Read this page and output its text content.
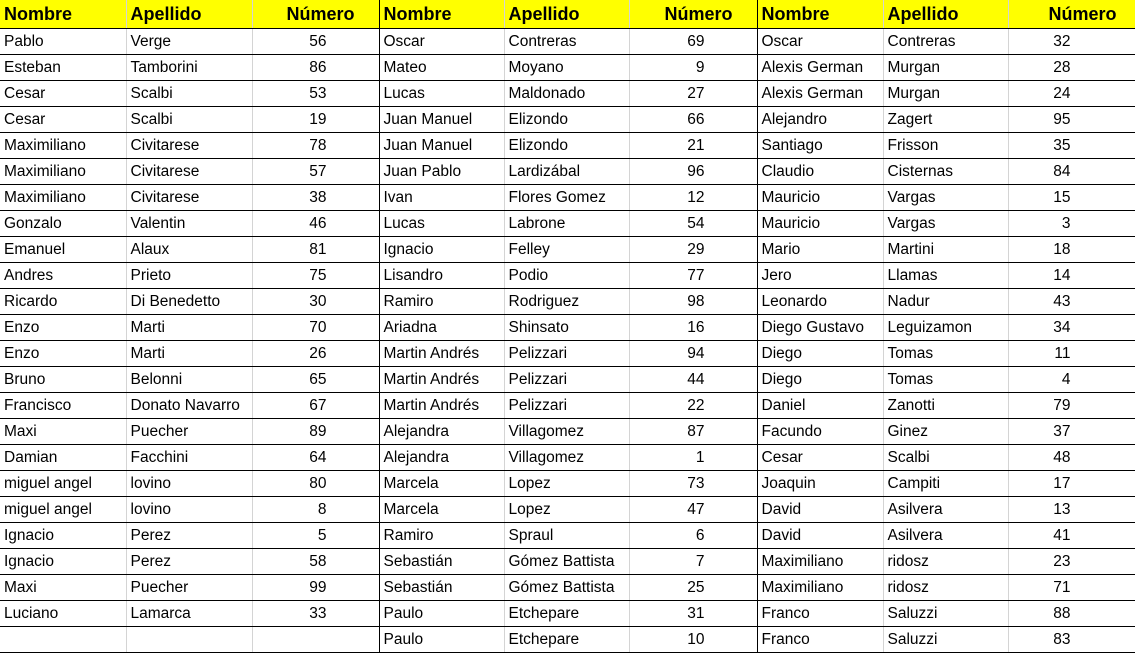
Nombre	Apellido	Número	Nombre	Apellido	Número	Nombre	Apellido	Número
Pablo	Verge	56	Oscar	Contreras	69	Oscar	Contreras	32
Esteban	Tamborini	86	Mateo	Moyano	9	Alexis German	Murgan	28
Cesar	Scalbi	53	Lucas	Maldonado	27	Alexis German	Murgan	24
Cesar	Scalbi	19	Juan Manuel	Elizondo	66	Alejandro	Zagert	95
Maximiliano	Civitarese	78	Juan Manuel	Elizondo	21	Santiago	Frisson	35
Maximiliano	Civitarese	57	Juan Pablo	Lardizábal	96	Claudio	Cisternas	84
Maximiliano	Civitarese	38	Ivan	Flores Gomez	12	Mauricio	Vargas	15
Gonzalo	Valentin	46	Lucas	Labrone	54	Mauricio	Vargas	3
Emanuel	Alaux	81	Ignacio	Felley	29	Mario	Martini	18
Andres	Prieto	75	Lisandro	Podio	77	Jero	Llamas	14
Ricardo	Di Benedetto	30	Ramiro	Rodriguez	98	Leonardo	Nadur	43
Enzo	Marti	70	Ariadna	Shinsato	16	Diego Gustavo	Leguizamon	34
Enzo	Marti	26	Martin Andrés	Pelizzari	94	Diego	Tomas	11
Bruno	Belonni	65	Martin Andrés	Pelizzari	44	Diego	Tomas	4
Francisco	Donato Navarro	67	Martin Andrés	Pelizzari	22	Daniel	Zanotti	79
Maxi	Puecher	89	Alejandra	Villagomez	87	Facundo	Ginez	37
Damian	Facchini	64	Alejandra	Villagomez	1	Cesar	Scalbi	48
miguel angel	lovino	80	Marcela	Lopez	73	Joaquin	Campiti	17
miguel angel	lovino	8	Marcela	Lopez	47	David	Asilvera	13
Ignacio	Perez	5	Ramiro	Spraul	6	David	Asilvera	41
Ignacio	Perez	58	Sebastián	Gómez Battista	7	Maximiliano	ridosz	23
Maxi	Puecher	99	Sebastián	Gómez Battista	25	Maximiliano	ridosz	71
Luciano	Lamarca	33	Paulo	Etchepare	31	Franco	Saluzzi	88
			Paulo	Etchepare	10	Franco	Saluzzi	83
